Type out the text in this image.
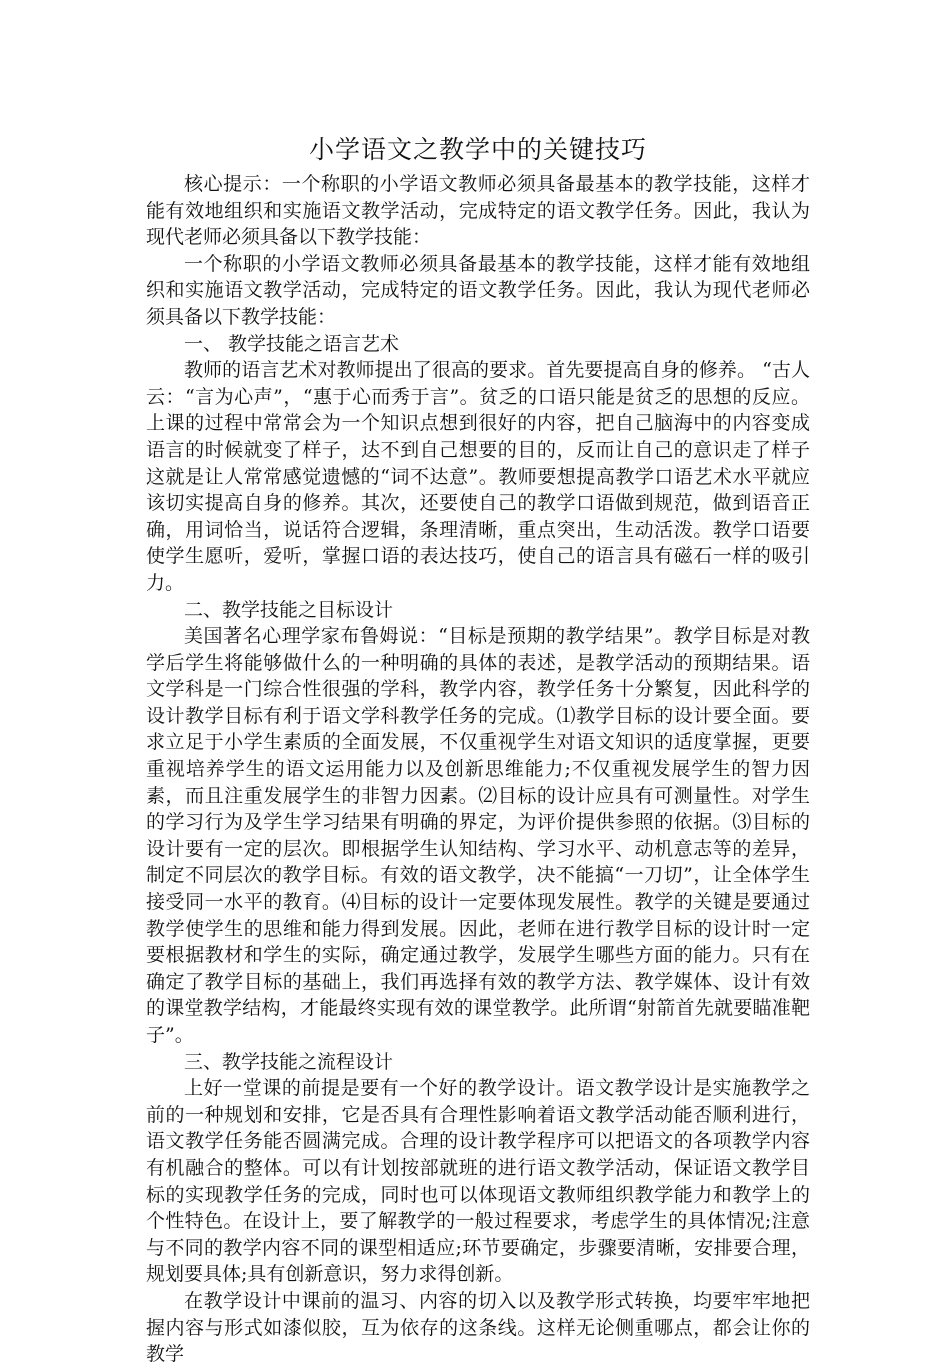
小学语文之教学中的关键技巧

核心提示：一个称职的小学语文教师必须具备最基本的教学技能，这样才能有效地组织和实施语文教学活动，完成特定的语文教学任务。因此，我认为现代老师必须具备以下教学技能：

一个称职的小学语文教师必须具备最基本的教学技能，这样才能有效地组织和实施语文教学活动，完成特定的语文教学任务。因此，我认为现代老师必须具备以下教学技能：

一、 教学技能之语言艺术

教师的语言艺术对教师提出了很高的要求。首先要提高自身的修养。 “古人云：“言为心声”，“惠于心而秀于言”。贫乏的口语只能是贫乏的思想的反应。上课的过程中常常会为一个知识点想到很好的内容，把自己脑海中的内容变成语言的时候就变了样子，达不到自己想要的目的，反而让自己的意识走了样子这就是让人常常感觉遗憾的“词不达意”。教师要想提高教学口语艺术水平就应该切实提高自身的修养。其次，还要使自己的教学口语做到规范，做到语音正确，用词恰当，说话符合逻辑，条理清晰，重点突出，生动活泼。教学口语要使学生愿听，爱听，掌握口语的表达技巧，使自己的语言具有磁石一样的吸引力。

二、教学技能之目标设计

美国著名心理学家布鲁姆说：“目标是预期的教学结果”。教学目标是对教学后学生将能够做什么的一种明确的具体的表述，是教学活动的预期结果。语文学科是一门综合性很强的学科，教学内容，教学任务十分繁复，因此科学的设计教学目标有利于语文学科教学任务的完成。⑴教学目标的设计要全面。要求立足于小学生素质的全面发展，不仅重视学生对语文知识的适度掌握，更要重视培养学生的语文运用能力以及创新思维能力;不仅重视发展学生的智力因素，而且注重发展学生的非智力因素。⑵目标的设计应具有可测量性。对学生的学习行为及学生学习结果有明确的界定，为评价提供参照的依据。⑶目标的设计要有一定的层次。即根据学生认知结构、学习水平、动机意志等的差异，制定不同层次的教学目标。有效的语文教学，决不能搞“一刀切”，让全体学生接受同一水平的教育。⑷目标的设计一定要体现发展性。教学的关键是要通过教学使学生的思维和能力得到发展。因此，老师在进行教学目标的设计时一定要根据教材和学生的实际，确定通过教学，发展学生哪些方面的能力。只有在确定了教学目标的基础上，我们再选择有效的教学方法、教学媒体、设计有效的课堂教学结构，才能最终实现有效的课堂教学。此所谓“射箭首先就要瞄准靶子”。

三、教学技能之流程设计

上好一堂课的前提是要有一个好的教学设计。语文教学设计是实施教学之前的一种规划和安排，它是否具有合理性影响着语文教学活动能否顺利进行，语文教学任务能否圆满完成。合理的设计教学程序可以把语文的各项教学内容有机融合的整体。可以有计划按部就班的进行语文教学活动，保证语文教学目标的实现教学任务的完成，同时也可以体现语文教师组织教学能力和教学上的个性特色。在设计上，要了解教学的一般过程要求，考虑学生的具体情况;注意与不同的教学内容不同的课型相适应;环节要确定，步骤要清晰，安排要合理，规划要具体;具有创新意识，努力求得创新。

在教学设计中课前的温习、内容的切入以及教学形式转换，均要牢牢地把握内容与形式如漆似胶，互为依存的这条线。这样无论侧重哪点，都会让你的教学
